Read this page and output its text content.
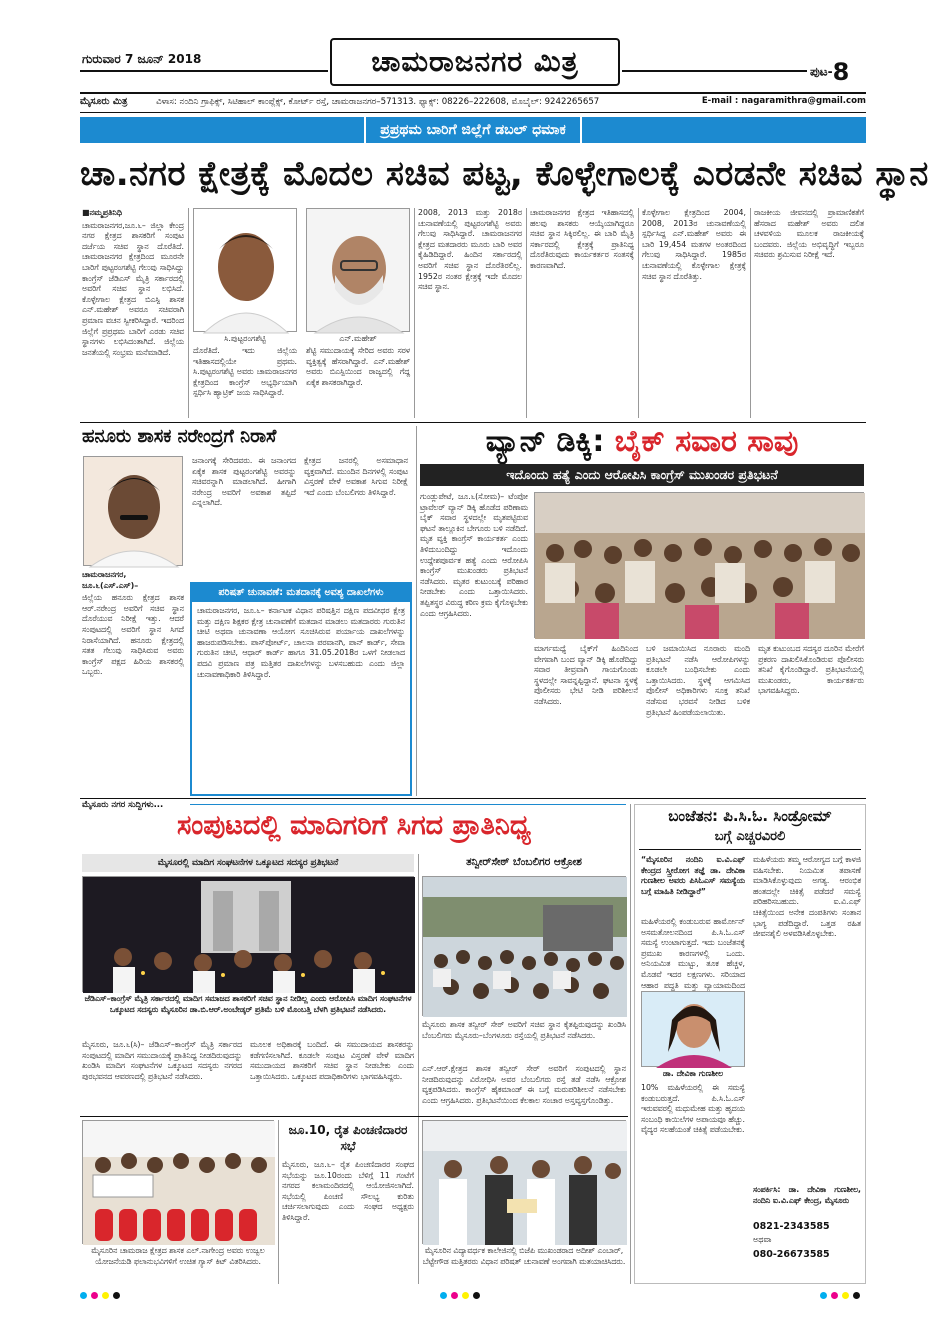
ಗುರುವಾರ 7 ಜೂನ್ 2018	ಚಾಮರಾಜನಗರ ಮಿತ್ರ	ಪುಟ-8
ಮೈಸೂರು ಮಿತ್ರ	ವಿಳಾಸ: ನಂದಿನಿ ಗ್ರಾಫಿಕ್ಸ್, ಸಿಟಿಹಾಲ್ ಕಾಂಪ್ಲೆಕ್ಸ್, ಕೋರ್ಟ್ ರಸ್ತೆ, ಚಾಮರಾಜನಗರ–571313. ಫ್ಯಾಕ್ಸ್: 08226–222608, ಮೊಬೈಲ್: 9242265657	E-mail : nagaramithra@gmail.com
ಪ್ರಪ್ರಥಮ ಬಾರಿಗೆ ಜಿಲ್ಲೆಗೆ ಡಬಲ್ ಧಮಾಕ
ಚಾ.ನಗರ ಕ್ಷೇತ್ರಕ್ಕೆ ಮೊದಲ ಸಚಿವ ಪಟ್ಟ, ಕೊಳ್ಳೇಗಾಲಕ್ಕೆ ಎರಡನೇ ಸಚಿವ ಸ್ಥಾನ
■ನಮ್ಮಪ್ರತಿನಿಧಿ

ಚಾಮರಾಜನಗರ,ಜೂ.೬– ಜಿಲ್ಲಾ ಕೇಂದ್ರ ನಗರ ಕ್ಷೇತ್ರದ ಶಾಸಕರಿಗೆ ಸಂಪುಟ ದರ್ಜೆಯ ಸಚಿವ ಸ್ಥಾನ ದೊರೆತಿದೆ. ಚಾಮರಾಜನಗರ ಕ್ಷೇತ್ರದಿಂದ ಮೂರನೇ ಬಾರಿಗೆ ಪುಟ್ಟರಂಗಶೆಟ್ಟಿ ಗೆಲುವು ಸಾಧಿಸಿದ್ದು ಕಾಂಗ್ರೆಸ್ ಜೆಡಿಎಸ್ ಮೈತ್ರಿ ಸರ್ಕಾರದಲ್ಲಿ ಅವರಿಗೆ ಸಚಿವ ಸ್ಥಾನ ಲಭಿಸಿದೆ. ಕೊಳ್ಳೇಗಾಲ ಕ್ಷೇತ್ರದ ಬಿಎಸ್ಪಿ ಶಾಸಕ ಎನ್.ಮಹೇಶ್ ಅವರೂ ಸಚಿವರಾಗಿ ಪ್ರಮಾಣ ವಚನ ಸ್ವೀಕರಿಸಿದ್ದಾರೆ. ಇದರಿಂದ ಜಿಲ್ಲೆಗೆ ಪ್ರಪ್ರಥಮ ಬಾರಿಗೆ ಎರಡು ಸಚಿವ ಸ್ಥಾನಗಳು ಲಭಿಸಿದಂತಾಗಿದೆ. ಜಿಲ್ಲೆಯ ಜನತೆಯಲ್ಲಿ ಸಂಭ್ರಮ ಮನೆಮಾಡಿದೆ.

ಸಿ.ಪುಟ್ಟರಂಗಶೆಟ್ಟಿ	ಎನ್.ಮಹೇಶ್
ದೊರೆತಿದೆ. ಇದು ಜಿಲ್ಲೆಯ ಇತಿಹಾಸದಲ್ಲಿಯೇ ಪ್ರಥಮ. ಸಿ.ಪುಟ್ಟರಂಗಶೆಟ್ಟಿ ಅವರು ಚಾಮರಾಜನಗರ ಕ್ಷೇತ್ರದಿಂದ ಕಾಂಗ್ರೆಸ್ ಅಭ್ಯರ್ಥಿಯಾಗಿ ಸ್ಪರ್ಧಿಸಿ ಹ್ಯಾಟ್ರಿಕ್ ಜಯ ಸಾಧಿಸಿದ್ದಾರೆ.
ಶೆಟ್ಟಿ ಸಮುದಾಯಕ್ಕೆ ಸೇರಿದ ಅವರು ಸರಳ ವ್ಯಕ್ತಿತ್ವಕ್ಕೆ ಹೆಸರಾಗಿದ್ದಾರೆ. ಎನ್.ಮಹೇಶ್ ಅವರು ಬಿಎಸ್ಪಿಯಿಂದ ರಾಜ್ಯದಲ್ಲಿ ಗೆದ್ದ ಏಕೈಕ ಶಾಸಕರಾಗಿದ್ದಾರೆ.
2008, 2013 ಮತ್ತು 2018ರ ಚುನಾವಣೆಯಲ್ಲಿ ಪುಟ್ಟರಂಗಶೆಟ್ಟಿ ಅವರು ಗೆಲುವು ಸಾಧಿಸಿದ್ದಾರೆ. ಚಾಮರಾಜನಗರ ಕ್ಷೇತ್ರದ ಮತದಾರರು ಮೂರು ಬಾರಿ ಅವರ ಕೈಹಿಡಿದಿದ್ದಾರೆ. ಹಿಂದಿನ ಸರ್ಕಾರದಲ್ಲಿ ಅವರಿಗೆ ಸಚಿವ ಸ್ಥಾನ ದೊರೆತಿರಲಿಲ್ಲ. 1952ರ ನಂತರ ಕ್ಷೇತ್ರಕ್ಕೆ ಇದೇ ಮೊದಲ ಸಚಿವ ಸ್ಥಾನ.
ಚಾಮರಾಜನಗರ ಕ್ಷೇತ್ರದ ಇತಿಹಾಸದಲ್ಲಿ ಹಲವು ಶಾಸಕರು ಆಯ್ಕೆಯಾಗಿದ್ದರೂ ಸಚಿವ ಸ್ಥಾನ ಸಿಕ್ಕಿರಲಿಲ್ಲ. ಈ ಬಾರಿ ಮೈತ್ರಿ ಸರ್ಕಾರದಲ್ಲಿ ಕ್ಷೇತ್ರಕ್ಕೆ ಪ್ರಾತಿನಿಧ್ಯ ದೊರೆತಿರುವುದು ಕಾರ್ಯಕರ್ತರ ಸಂತಸಕ್ಕೆ ಕಾರಣವಾಗಿದೆ.
ಕೊಳ್ಳೇಗಾಲ ಕ್ಷೇತ್ರದಿಂದ 2004, 2008, 2013ರ ಚುನಾವಣೆಯಲ್ಲಿ ಸ್ಪರ್ಧಿಸಿದ್ದ ಎನ್.ಮಹೇಶ್ ಅವರು ಈ ಬಾರಿ 19,454 ಮತಗಳ ಅಂತರದಿಂದ ಗೆಲುವು ಸಾಧಿಸಿದ್ದಾರೆ. 1985ರ ಚುನಾವಣೆಯಲ್ಲಿ ಕೊಳ್ಳೇಗಾಲ ಕ್ಷೇತ್ರಕ್ಕೆ ಸಚಿವ ಸ್ಥಾನ ದೊರೆತಿತ್ತು.
ರಾಜಕೀಯ ಜೀವನದಲ್ಲಿ ಪ್ರಾಮಾಣಿಕತೆಗೆ ಹೆಸರಾದ ಮಹೇಶ್ ಅವರು ದಲಿತ ಚಳವಳಿಯ ಮೂಲಕ ರಾಜಕೀಯಕ್ಕೆ ಬಂದವರು. ಜಿಲ್ಲೆಯ ಅಭಿವೃದ್ಧಿಗೆ ಇಬ್ಬರೂ ಸಚಿವರು ಶ್ರಮಿಸುವ ನಿರೀಕ್ಷೆ ಇದೆ.
ಹನೂರು ಶಾಸಕ ನರೇಂದ್ರಗೆ ನಿರಾಸೆ
ಚಾಮರಾಜನಗರ, ಜೂ.೬(ಎಸ್.ಎಸ್)–

ಜಿಲ್ಲೆಯ ಹನೂರು ಕ್ಷೇತ್ರದ ಶಾಸಕ ಆರ್.ನರೇಂದ್ರ ಅವರಿಗೆ ಸಚಿವ ಸ್ಥಾನ ದೊರೆಯುವ ನಿರೀಕ್ಷೆ ಇತ್ತು. ಆದರೆ ಸಂಪುಟದಲ್ಲಿ ಅವರಿಗೆ ಸ್ಥಾನ ಸಿಗದೆ ನಿರಾಸೆಯಾಗಿದೆ. ಹನೂರು ಕ್ಷೇತ್ರದಲ್ಲಿ ಸತತ ಗೆಲುವು ಸಾಧಿಸಿರುವ ಅವರು ಕಾಂಗ್ರೆಸ್ ಪಕ್ಷದ ಹಿರಿಯ ಶಾಸಕರಲ್ಲಿ ಒಬ್ಬರು.

ಜನಾಂಗಕ್ಕೆ ಸೇರಿದವರು. ಈ ಜನಾಂಗದ ಏಕೈಕ ಶಾಸಕ ಪುಟ್ಟರಂಗಶೆಟ್ಟಿ ಅವರನ್ನು ಸಚಿವರನ್ನಾಗಿ ಮಾಡಲಾಗಿದೆ. ಹೀಗಾಗಿ ನರೇಂದ್ರ ಅವರಿಗೆ ಅವಕಾಶ ತಪ್ಪಿದೆ ಎನ್ನಲಾಗಿದೆ.
ಕ್ಷೇತ್ರದ ಜನರಲ್ಲಿ ಅಸಮಾಧಾನ ವ್ಯಕ್ತವಾಗಿದೆ. ಮುಂದಿನ ದಿನಗಳಲ್ಲಿ ಸಂಪುಟ ವಿಸ್ತರಣೆ ವೇಳೆ ಅವಕಾಶ ಸಿಗುವ ನಿರೀಕ್ಷೆ ಇದೆ ಎಂದು ಬೆಂಬಲಿಗರು ತಿಳಿಸಿದ್ದಾರೆ.
ಪರಿಷತ್ ಚುನಾವಣೆ: ಮತದಾನಕ್ಕೆ ಅವಶ್ಯ ದಾಖಲೆಗಳು
ಚಾಮರಾಜನಗರ, ಜೂ.೬– ಕರ್ನಾಟಕ ವಿಧಾನ ಪರಿಷತ್ತಿನ ದಕ್ಷಿಣ ಪದವೀಧರ ಕ್ಷೇತ್ರ ಮತ್ತು ದಕ್ಷಿಣ ಶಿಕ್ಷಕರ ಕ್ಷೇತ್ರ ಚುನಾವಣೆಗೆ ಮತದಾನ ಮಾಡಲು ಮತದಾರರು ಗುರುತಿನ ಚೀಟಿ ಅಥವಾ ಚುನಾವಣಾ ಆಯೋಗ ಸೂಚಿಸಿರುವ ಪರ್ಯಾಯ ದಾಖಲೆಗಳನ್ನು ಹಾಜರುಪಡಿಸಬೇಕು. ಪಾಸ್‌ಪೋರ್ಟ್, ಚಾಲನಾ ಪರವಾನಗಿ, ಪಾನ್ ಕಾರ್ಡ್, ಸೇವಾ ಗುರುತಿನ ಚೀಟಿ, ಆಧಾರ್ ಕಾರ್ಡ್ ಹಾಗೂ 31.05.2018ರ ಒಳಗೆ ನೀಡಲಾದ ಪದವಿ ಪ್ರಮಾಣ ಪತ್ರ ಮತ್ತಿತರ ದಾಖಲೆಗಳನ್ನು ಬಳಸಬಹುದು ಎಂದು ಜಿಲ್ಲಾ ಚುನಾವಣಾಧಿಕಾರಿ ತಿಳಿಸಿದ್ದಾರೆ.
ವ್ಯಾನ್ ಡಿಕ್ಕಿ: ಬೈಕ್ ಸವಾರ ಸಾವು
ಇದೊಂದು ಹತ್ಯೆ ಎಂದು ಆರೋಪಿಸಿ ಕಾಂಗ್ರೆಸ್ ಮುಖಂಡರ ಪ್ರತಿಭಟನೆ
ಗುಂಡ್ಲುಪೇಟೆ, ಜೂ.೬(ಸೋಮ)– ಟೆಂಪೋ ಟ್ರಾವೆಲರ್ ವ್ಯಾನ್ ಡಿಕ್ಕಿ ಹೊಡೆದ ಪರಿಣಾಮ ಬೈಕ್ ಸವಾರ ಸ್ಥಳದಲ್ಲೇ ಮೃತಪಟ್ಟಿರುವ ಘಟನೆ ತಾಲ್ಲೂಕಿನ ಬೇಗೂರು ಬಳಿ ನಡೆದಿದೆ. ಮೃತ ವ್ಯಕ್ತಿ ಕಾಂಗ್ರೆಸ್ ಕಾರ್ಯಕರ್ತ ಎಂದು ತಿಳಿದುಬಂದಿದ್ದು ಇದೊಂದು ಉದ್ದೇಶಪೂರ್ವಕ ಹತ್ಯೆ ಎಂದು ಆರೋಪಿಸಿ ಕಾಂಗ್ರೆಸ್ ಮುಖಂಡರು ಪ್ರತಿಭಟನೆ ನಡೆಸಿದರು. ಮೃತರ ಕುಟುಂಬಕ್ಕೆ ಪರಿಹಾರ ನೀಡಬೇಕು ಎಂದು ಒತ್ತಾಯಿಸಿದರು. ತಪ್ಪಿತಸ್ಥರ ವಿರುದ್ಧ ಕಠಿಣ ಕ್ರಮ ಕೈಗೊಳ್ಳಬೇಕು ಎಂದು ಆಗ್ರಹಿಸಿದರು.
ಮಾರ್ಗಮಧ್ಯೆ ಬೈಕ್‌ಗೆ ಹಿಂದಿನಿಂದ ವೇಗವಾಗಿ ಬಂದ ವ್ಯಾನ್ ಡಿಕ್ಕಿ ಹೊಡೆದಿದ್ದು ಸವಾರ ತೀವ್ರವಾಗಿ ಗಾಯಗೊಂಡು ಸ್ಥಳದಲ್ಲೇ ಸಾವನ್ನಪ್ಪಿದ್ದಾನೆ. ಘಟನಾ ಸ್ಥಳಕ್ಕೆ ಪೊಲೀಸರು ಭೇಟಿ ನೀಡಿ ಪರಿಶೀಲನೆ ನಡೆಸಿದರು.
ಬಳಿ ಜಮಾಯಿಸಿದ ನೂರಾರು ಮಂದಿ ಪ್ರತಿಭಟನೆ ನಡೆಸಿ ಆರೋಪಿಗಳನ್ನು ಕೂಡಲೇ ಬಂಧಿಸಬೇಕು ಎಂದು ಒತ್ತಾಯಿಸಿದರು. ಸ್ಥಳಕ್ಕೆ ಆಗಮಿಸಿದ ಪೊಲೀಸ್ ಅಧಿಕಾರಿಗಳು ಸೂಕ್ತ ತನಿಖೆ ನಡೆಸುವ ಭರವಸೆ ನೀಡಿದ ಬಳಿಕ ಪ್ರತಿಭಟನೆ ಹಿಂಪಡೆಯಲಾಯಿತು.
ಮೃತ ಕುಟುಂಬದ ಸದಸ್ಯರ ದೂರಿನ ಮೇರೆಗೆ ಪ್ರಕರಣ ದಾಖಲಿಸಿಕೊಂಡಿರುವ ಪೊಲೀಸರು ತನಿಖೆ ಕೈಗೊಂಡಿದ್ದಾರೆ. ಪ್ರತಿಭಟನೆಯಲ್ಲಿ ಮುಖಂಡರು, ಕಾರ್ಯಕರ್ತರು ಭಾಗವಹಿಸಿದ್ದರು.
ಮೈಸೂರು ನಗರ ಸುದ್ದಿಗಳು...
ಸಂಪುಟದಲ್ಲಿ ಮಾದಿಗರಿಗೆ ಸಿಗದ ಪ್ರಾತಿನಿಧ್ಯ
ಮೈಸೂರಲ್ಲಿ ಮಾದಿಗ ಸಂಘಟನೆಗಳ ಒಕ್ಕೂಟದ ಸದಸ್ಯರ ಪ್ರತಿಭಟನೆ
ಜೆಡಿಎಸ್–ಕಾಂಗ್ರೆಸ್ ಮೈತ್ರಿ ಸರ್ಕಾರದಲ್ಲಿ ಮಾದಿಗ ಸಮಾಜದ ಶಾಸಕರಿಗೆ ಸಚಿವ ಸ್ಥಾನ ನೀಡಿಲ್ಲ ಎಂದು ಆರೋಪಿಸಿ ಮಾದಿಗ ಸಂಘಟನೆಗಳ ಒಕ್ಕೂಟದ ಸದಸ್ಯರು ಮೈಸೂರಿನ ಡಾ.ಬಿ.ಆರ್.ಅಂಬೇಡ್ಕರ್ ಪ್ರತಿಮೆ ಬಳಿ ಮೊಂಬತ್ತಿ ಬೆಳಗಿ ಪ್ರತಿಭಟನೆ ನಡೆಸಿದರು.
ಮೈಸೂರು, ಜೂ.೬(ಸಿ)– ಜೆಡಿಎಸ್–ಕಾಂಗ್ರೆಸ್ ಮೈತ್ರಿ ಸರ್ಕಾರದ ಸಂಪುಟದಲ್ಲಿ ಮಾದಿಗ ಸಮುದಾಯಕ್ಕೆ ಪ್ರಾತಿನಿಧ್ಯ ನೀಡದಿರುವುದನ್ನು ಖಂಡಿಸಿ ಮಾದಿಗ ಸಂಘಟನೆಗಳ ಒಕ್ಕೂಟದ ಸದಸ್ಯರು ನಗರದ ಪುರಭವನದ ಆವರಣದಲ್ಲಿ ಪ್ರತಿಭಟನೆ ನಡೆಸಿದರು.
ಮೂಲಕ ಅಧಿಕಾರಕ್ಕೆ ಬಂದಿದೆ. ಈ ಸಮುದಾಯದ ಶಾಸಕರನ್ನು ಕಡೆಗಣಿಸಲಾಗಿದೆ. ಕೂಡಲೇ ಸಂಪುಟ ವಿಸ್ತರಣೆ ವೇಳೆ ಮಾದಿಗ ಸಮುದಾಯದ ಶಾಸಕರಿಗೆ ಸಚಿವ ಸ್ಥಾನ ನೀಡಬೇಕು ಎಂದು ಒತ್ತಾಯಿಸಿದರು. ಒಕ್ಕೂಟದ ಪದಾಧಿಕಾರಿಗಳು ಭಾಗವಹಿಸಿದ್ದರು.
ತನ್ವೀರ್‌ಸೇಠ್ ಬೆಂಬಲಿಗರ ಆಕ್ರೋಶ
ಮೈಸೂರು ಶಾಸಕ ತನ್ವೀರ್ ಸೇಠ್ ಅವರಿಗೆ ಸಚಿವ ಸ್ಥಾನ ಕೈತಪ್ಪಿರುವುದನ್ನು ಖಂಡಿಸಿ ಬೆಂಬಲಿಗರು ಮೈಸೂರು–ಬೆಂಗಳೂರು ರಸ್ತೆಯಲ್ಲಿ ಪ್ರತಿಭಟನೆ ನಡೆಸಿದರು.
ಎನ್.ಆರ್.ಕ್ಷೇತ್ರದ ಶಾಸಕ ತನ್ವೀರ್ ಸೇಠ್ ಅವರಿಗೆ ಸಂಪುಟದಲ್ಲಿ ಸ್ಥಾನ ನೀಡದಿರುವುದನ್ನು ವಿರೋಧಿಸಿ ಅವರ ಬೆಂಬಲಿಗರು ರಸ್ತೆ ತಡೆ ನಡೆಸಿ ಆಕ್ರೋಶ ವ್ಯಕ್ತಪಡಿಸಿದರು. ಕಾಂಗ್ರೆಸ್ ಹೈಕಮಾಂಡ್ ಈ ಬಗ್ಗೆ ಮರುಪರಿಶೀಲನೆ ನಡೆಸಬೇಕು ಎಂದು ಆಗ್ರಹಿಸಿದರು. ಪ್ರತಿಭಟನೆಯಿಂದ ಕೆಲಕಾಲ ಸಂಚಾರ ಅಸ್ತವ್ಯಸ್ತಗೊಂಡಿತ್ತು.
ಮೈಸೂರಿನ ಚಾಮರಾಜ ಕ್ಷೇತ್ರದ ಶಾಸಕ ಎಲ್.ನಾಗೇಂದ್ರ ಅವರು ಉಜ್ವಲ ಯೋಜನೆಯಡಿ ಫಲಾನುಭವಿಗಳಿಗೆ ಉಚಿತ ಗ್ಯಾಸ್ ಕಿಟ್ ವಿತರಿಸಿದರು.
ಜೂ.10, ರೈತ ಪಿಂಚಣಿದಾರರ ಸಭೆ
ಮೈಸೂರು, ಜೂ.೬– ರೈತ ಪಿಂಚಣಿದಾರರ ಸಂಘದ ಸಭೆಯನ್ನು ಜೂ.10ರಂದು ಬೆಳಿಗ್ಗೆ 11 ಗಂಟೆಗೆ ನಗರದ ಕಲಾಮಂದಿರದಲ್ಲಿ ಆಯೋಜಿಸಲಾಗಿದೆ. ಸಭೆಯಲ್ಲಿ ಪಿಂಚಣಿ ಸೌಲಭ್ಯ ಕುರಿತು ಚರ್ಚಿಸಲಾಗುವುದು ಎಂದು ಸಂಘದ ಅಧ್ಯಕ್ಷರು ತಿಳಿಸಿದ್ದಾರೆ.
ಮೈಸೂರಿನ ವಿದ್ಯಾವರ್ಧಕ ಕಾಲೇಜಿನಲ್ಲಿ ಬಿಜೆಪಿ ಮುಖಂಡರಾದ ಅದೀಶ್ ಎಂಬಾರ್, ಬೆಟ್ಟೇಗೌಡ ಮತ್ತಿತರರು ವಿಧಾನ ಪರಿಷತ್ ಚುನಾವಣೆ ಅಂಗವಾಗಿ ಮತಯಾಚಿಸಿದರು.
ಬಂಜೆತನ: ಪಿ.ಸಿ.ಓ. ಸಿಂಡ್ರೋಮ್
ಬಗ್ಗೆ ಎಚ್ಚರವಿರಲಿ
“ಮೈಸೂರಿನ ನಂದಿನಿ ಐ.ವಿ.ಎಫ್ ಕೇಂದ್ರದ ಸ್ತ್ರೀರೋಗ ತಜ್ಞೆ ಡಾ. ದೇವಿಕಾ ಗುಣಶೀಲ ಅವರು ಪಿಸಿಓಎಸ್ ಸಮಸ್ಯೆಯ ಬಗ್ಗೆ ಮಾಹಿತಿ ನೀಡಿದ್ದಾರೆ”
ಮಹಿಳೆಯರಲ್ಲಿ ಕಂಡುಬರುವ ಹಾರ್ಮೋನ್ ಅಸಮತೋಲನದಿಂದ ಪಿ.ಸಿ.ಓ.ಎಸ್ ಸಮಸ್ಯೆ ಉಂಟಾಗುತ್ತದೆ. ಇದು ಬಂಜೆತನಕ್ಕೆ ಪ್ರಮುಖ ಕಾರಣಗಳಲ್ಲಿ ಒಂದು. ಅನಿಯಮಿತ ಮುಟ್ಟು, ತೂಕ ಹೆಚ್ಚಳ, ಮೊಡವೆ ಇದರ ಲಕ್ಷಣಗಳು. ಸರಿಯಾದ ಆಹಾರ ಪದ್ಧತಿ ಮತ್ತು ವ್ಯಾಯಾಮದಿಂದ
ಮಹಿಳೆಯರು ತಮ್ಮ ಆರೋಗ್ಯದ ಬಗ್ಗೆ ಕಾಳಜಿ ವಹಿಸಬೇಕು. ನಿಯಮಿತ ತಪಾಸಣೆ ಮಾಡಿಸಿಕೊಳ್ಳುವುದು ಅಗತ್ಯ. ಆರಂಭಿಕ ಹಂತದಲ್ಲೇ ಚಿಕಿತ್ಸೆ ಪಡೆದರೆ ಸಮಸ್ಯೆ ಪರಿಹರಿಸಬಹುದು. ಐ.ವಿ.ಎಫ್ ಚಿಕಿತ್ಸೆಯಿಂದ ಅನೇಕ ದಂಪತಿಗಳು ಸಂತಾನ ಭಾಗ್ಯ ಪಡೆದಿದ್ದಾರೆ. ಒತ್ತಡ ರಹಿತ ಜೀವನಶೈಲಿ ಅಳವಡಿಸಿಕೊಳ್ಳಬೇಕು.
ಡಾ. ದೇವಿಕಾ ಗುಣಶೀಲ
10% ಮಹಿಳೆಯರಲ್ಲಿ ಈ ಸಮಸ್ಯೆ ಕಂಡುಬರುತ್ತದೆ. ಪಿ.ಸಿ.ಓ.ಎಸ್ ಇರುವವರಲ್ಲಿ ಮಧುಮೇಹ ಮತ್ತು ಹೃದಯ ಸಂಬಂಧಿ ಕಾಯಿಲೆಗಳ ಅಪಾಯವೂ ಹೆಚ್ಚು. ವೈದ್ಯರ ಸಲಹೆಯಂತೆ ಚಿಕಿತ್ಸೆ ಪಡೆಯಬೇಕು.
ಸಂಪರ್ಕಿಸಿ: ಡಾ. ದೇವಿಕಾ ಗುಣಶೀಲ, ನಂದಿನಿ ಐ.ವಿ.ಎಫ್ ಕೇಂದ್ರ, ಮೈಸೂರು
0821-2343585
ಅಥವಾ
080-26673585
